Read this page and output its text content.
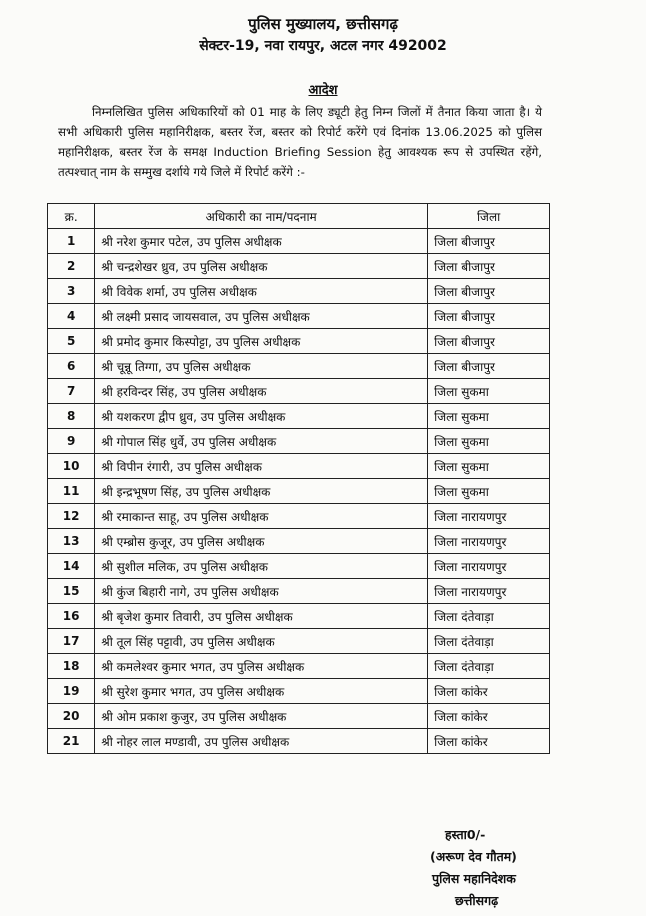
पुलिस मुख्यालय, छत्तीसगढ़
सेक्टर-19, नवा रायपुर, अटल नगर 492002
आदेश
निम्नलिखित पुलिस अधिकारियों को 01 माह के लिए ड्यूटी हेतु निम्न जिलों में तैनात किया जाता है। ये सभी अधिकारी पुलिस महानिरीक्षक, बस्तर रेंज, बस्तर को रिपोर्ट करेंगे एवं दिनांक 13.06.2025 को पुलिस महानिरीक्षक, बस्तर रेंज के समक्ष Induction Briefing Session हेतु आवश्यक रूप से उपस्थित रहेंगे, तत्पश्चात् नाम के सम्मुख दर्शाये गये जिले में रिपोर्ट करेंगे :-
क्र.	अधिकारी का नाम/पदनाम	जिला
1	श्री नरेश कुमार पटेल, उप पुलिस अधीक्षक	जिला बीजापुर
2	श्री चन्द्रशेखर ध्रुव, उप पुलिस अधीक्षक	जिला बीजापुर
3	श्री विवेक शर्मा, उप पुलिस अधीक्षक	जिला बीजापुर
4	श्री लक्ष्मी प्रसाद जायसवाल, उप पुलिस अधीक्षक	जिला बीजापुर
5	श्री प्रमोद कुमार किस्पोट्टा, उप पुलिस अधीक्षक	जिला बीजापुर
6	श्री चून्नू तिग्गा, उप पुलिस अधीक्षक	जिला बीजापुर
7	श्री हरविन्दर सिंह, उप पुलिस अधीक्षक	जिला सुकमा
8	श्री यशकरण द्वीप ध्रुव, उप पुलिस अधीक्षक	जिला सुकमा
9	श्री गोपाल सिंह धुर्वे, उप पुलिस अधीक्षक	जिला सुकमा
10	श्री विपीन रंगारी, उप पुलिस अधीक्षक	जिला सुकमा
11	श्री इन्द्रभूषण सिंह, उप पुलिस अधीक्षक	जिला सुकमा
12	श्री रमाकान्त साहू, उप पुलिस अधीक्षक	जिला नारायणपुर
13	श्री एम्ब्रोस कुजूर, उप पुलिस अधीक्षक	जिला नारायणपुर
14	श्री सुशील मलिक, उप पुलिस अधीक्षक	जिला नारायणपुर
15	श्री कुंज बिहारी नागे, उप पुलिस अधीक्षक	जिला नारायणपुर
16	श्री बृजेश कुमार तिवारी, उप पुलिस अधीक्षक	जिला दंतेवाड़ा
17	श्री तूल सिंह पट्टावी, उप पुलिस अधीक्षक	जिला दंतेवाड़ा
18	श्री कमलेश्वर कुमार भगत, उप पुलिस अधीक्षक	जिला दंतेवाड़ा
19	श्री सुरेश कुमार भगत, उप पुलिस अधीक्षक	जिला कांकेर
20	श्री ओम प्रकाश कुजुर, उप पुलिस अधीक्षक	जिला कांकेर
21	श्री नोहर लाल मण्डावी, उप पुलिस अधीक्षक	जिला कांकेर
हस्ता0/-
(अरूण देव गौतम)
पुलिस महानिदेशक
छत्तीसगढ़
